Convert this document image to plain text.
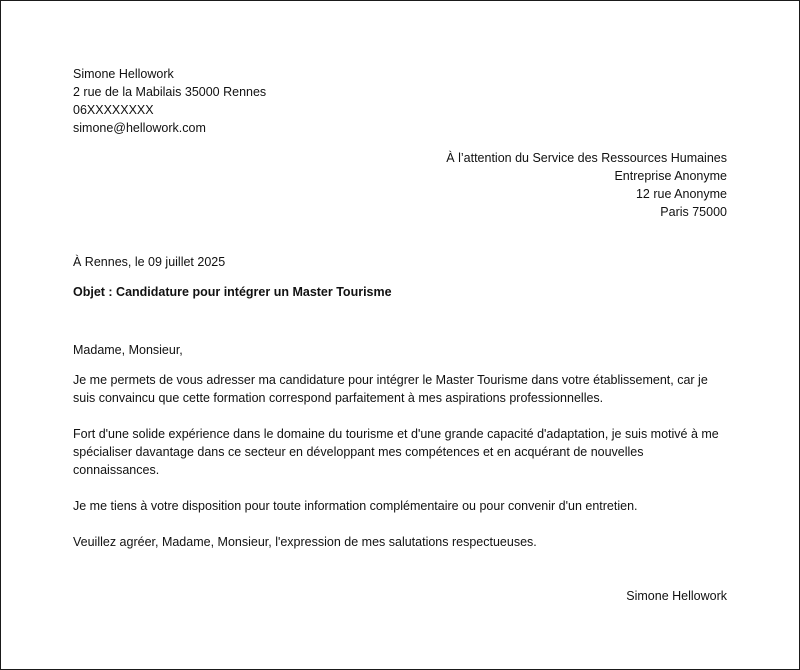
Simone Hellowork
2 rue de la Mabilais 35000 Rennes
06XXXXXXXX
simone@hellowork.com
À l’attention du Service des Ressources Humaines
Entreprise Anonyme
12 rue Anonyme
Paris 75000
À Rennes, le 09 juillet 2025
Objet : Candidature pour intégrer un Master Tourisme
Madame, Monsieur,
Je me permets de vous adresser ma candidature pour intégrer le Master Tourisme dans votre établissement, car je suis convaincu que cette formation correspond parfaitement à mes aspirations professionnelles.
Fort d'une solide expérience dans le domaine du tourisme et d'une grande capacité d'adaptation, je suis motivé à me spécialiser davantage dans ce secteur en développant mes compétences et en acquérant de nouvelles connaissances.
Je me tiens à votre disposition pour toute information complémentaire ou pour convenir d'un entretien.
Veuillez agréer, Madame, Monsieur, l'expression de mes salutations respectueuses.
Simone Hellowork
